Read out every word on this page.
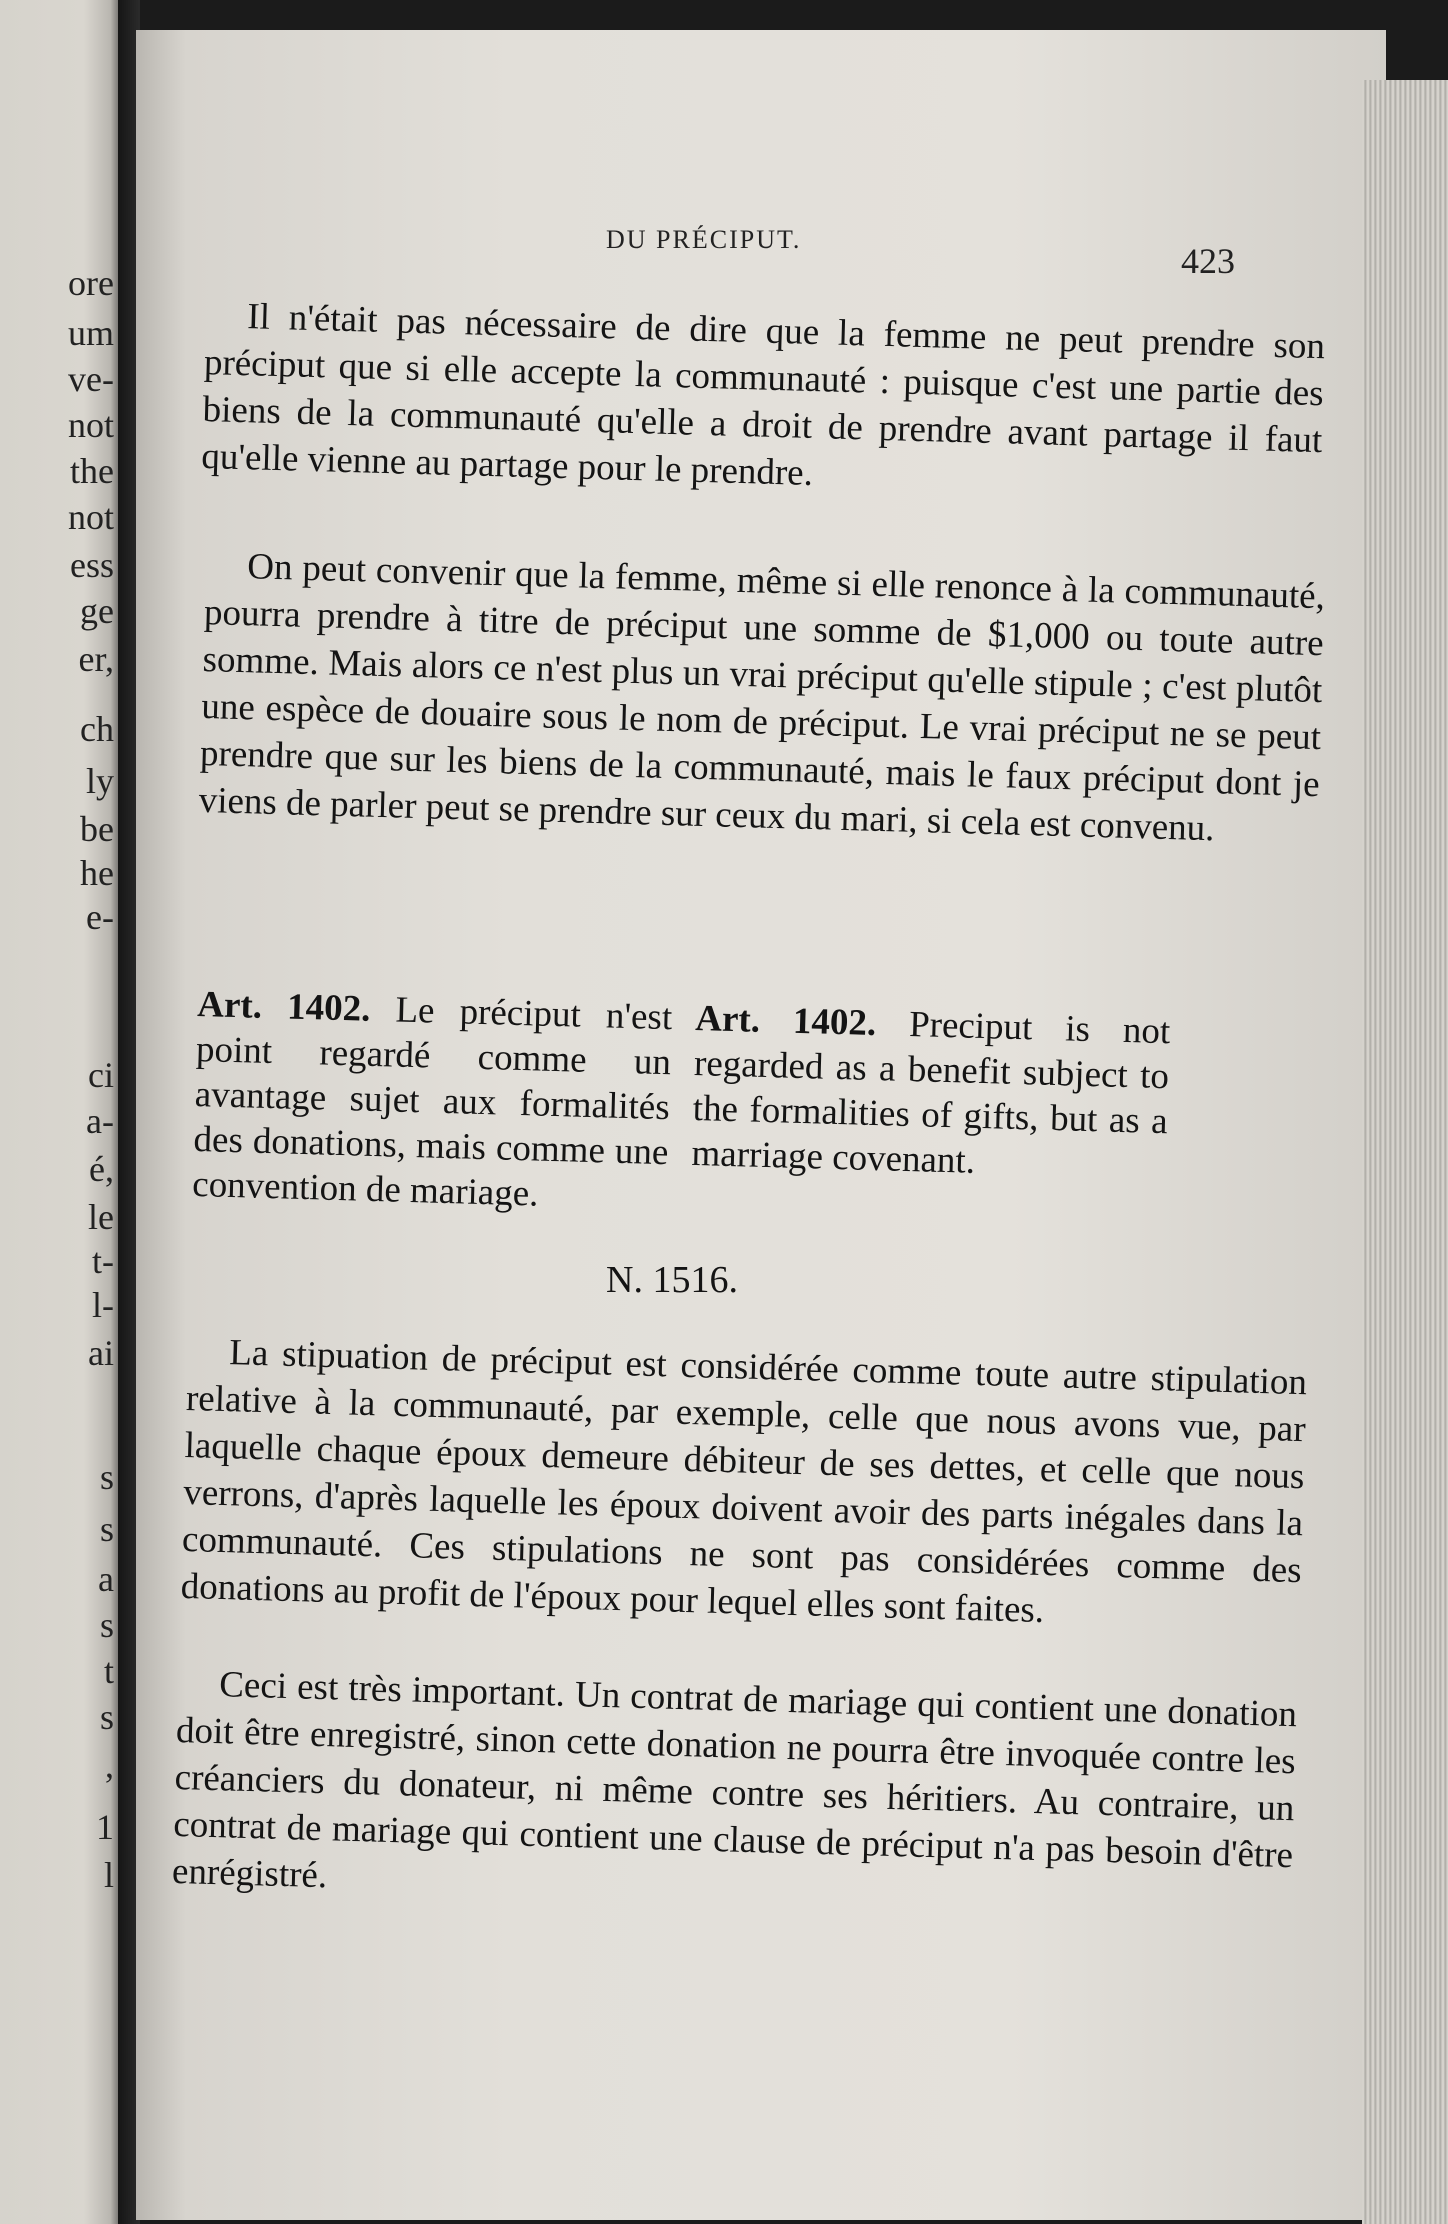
ore
um
ve-
not
the
not
ess
ge
er,
ch
ly
be
he
e-
ci
a-
é,
le
t-
l-
ai
s
s
a
s
t
s
,
1
l
DU PRÉCIPUT.
423

Il n'était pas nécessaire de dire que la femme ne peut prendre son préciput que si elle accepte la communauté : puisque c'est une partie des biens de la communauté qu'elle a droit de prendre avant partage il faut qu'elle vienne au partage pour le prendre.

On peut convenir que la femme, même si elle renonce à la communauté, pourra prendre à titre de préciput une somme de $1,000 ou toute autre somme. Mais alors ce n'est plus un vrai préciput qu'elle stipule ; c'est plutôt une espèce de douaire sous le nom de préciput. Le vrai préciput ne se peut prendre que sur les biens de la communauté, mais le faux préciput dont je viens de parler peut se prendre sur ceux du mari, si cela est convenu.

Art. 1402. Le préciput n'est point regardé comme un avantage sujet aux formalités des donations, mais comme une convention de mariage.
Art. 1402. Preciput is not regarded as a benefit subject to the formalities of gifts, but as a marriage covenant.
N. 1516.

La stipuation de préciput est considérée comme toute autre stipulation relative à la communauté, par exemple, celle que nous avons vue, par laquelle chaque époux demeure débiteur de ses dettes, et celle que nous verrons, d'après laquelle les époux doivent avoir des parts inégales dans la communauté. Ces stipulations ne sont pas considérées comme des donations au profit de l'époux pour lequel elles sont faites.

Ceci est très important. Un contrat de mariage qui contient une donation doit être enregistré, sinon cette donation ne pourra être invoquée contre les créanciers du donateur, ni même contre ses héritiers. Au contraire, un contrat de mariage qui contient une clause de préciput n'a pas besoin d'être enrégistré.
